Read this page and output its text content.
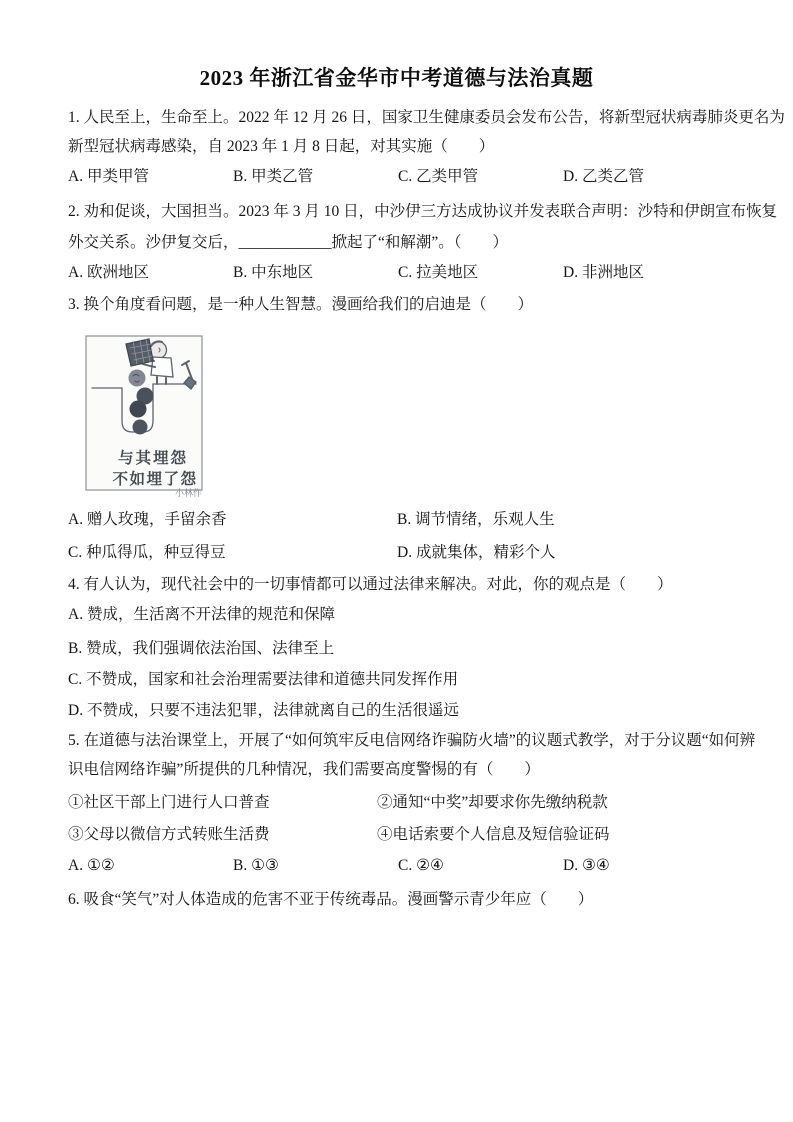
2023 年浙江省金华市中考道德与法治真题
1. 人民至上，生命至上。2022 年 12 月 26 日，国家卫生健康委员会发布公告，将新型冠状病毒肺炎更名为
新型冠状病毒感染，自 2023 年 1 月 8 日起，对其实施（　　）
A. 甲类甲管	B. 甲类乙管	C. 乙类甲管	D. 乙类乙管
2. 劝和促谈，大国担当。2023 年 3 月 10 日，中沙伊三方达成协议并发表联合声明：沙特和伊朗宣布恢复
外交关系。沙伊复交后，____________掀起了“和解潮”。（　　）
A. 欧洲地区	B. 中东地区	C. 拉美地区	D. 非洲地区
3. 换个角度看问题，是一种人生智慧。漫画给我们的启迪是（　　）
与其埋怨
不如埋了怨
小林作
A. 赠人玫瑰，手留余香	B. 调节情绪，乐观人生
C. 种瓜得瓜，种豆得豆	D. 成就集体，精彩个人
4. 有人认为，现代社会中的一切事情都可以通过法律来解决。对此，你的观点是（　　）
A. 赞成，生活离不开法律的规范和保障
B. 赞成，我们强调依法治国、法律至上
C. 不赞成，国家和社会治理需要法律和道德共同发挥作用
D. 不赞成，只要不违法犯罪，法律就离自己的生活很遥远
5. 在道德与法治课堂上，开展了“如何筑牢反电信网络诈骗防火墙”的议题式教学，对于分议题“如何辨
识电信网络诈骗”所提供的几种情况，我们需要高度警惕的有（　　）
①社区干部上门进行人口普查	②通知“中奖”却要求你先缴纳税款
③父母以微信方式转账生活费	④电话索要个人信息及短信验证码
A. ①②	B. ①③	C. ②④	D. ③④
6. 吸食“笑气”对人体造成的危害不亚于传统毒品。漫画警示青少年应（　　）
